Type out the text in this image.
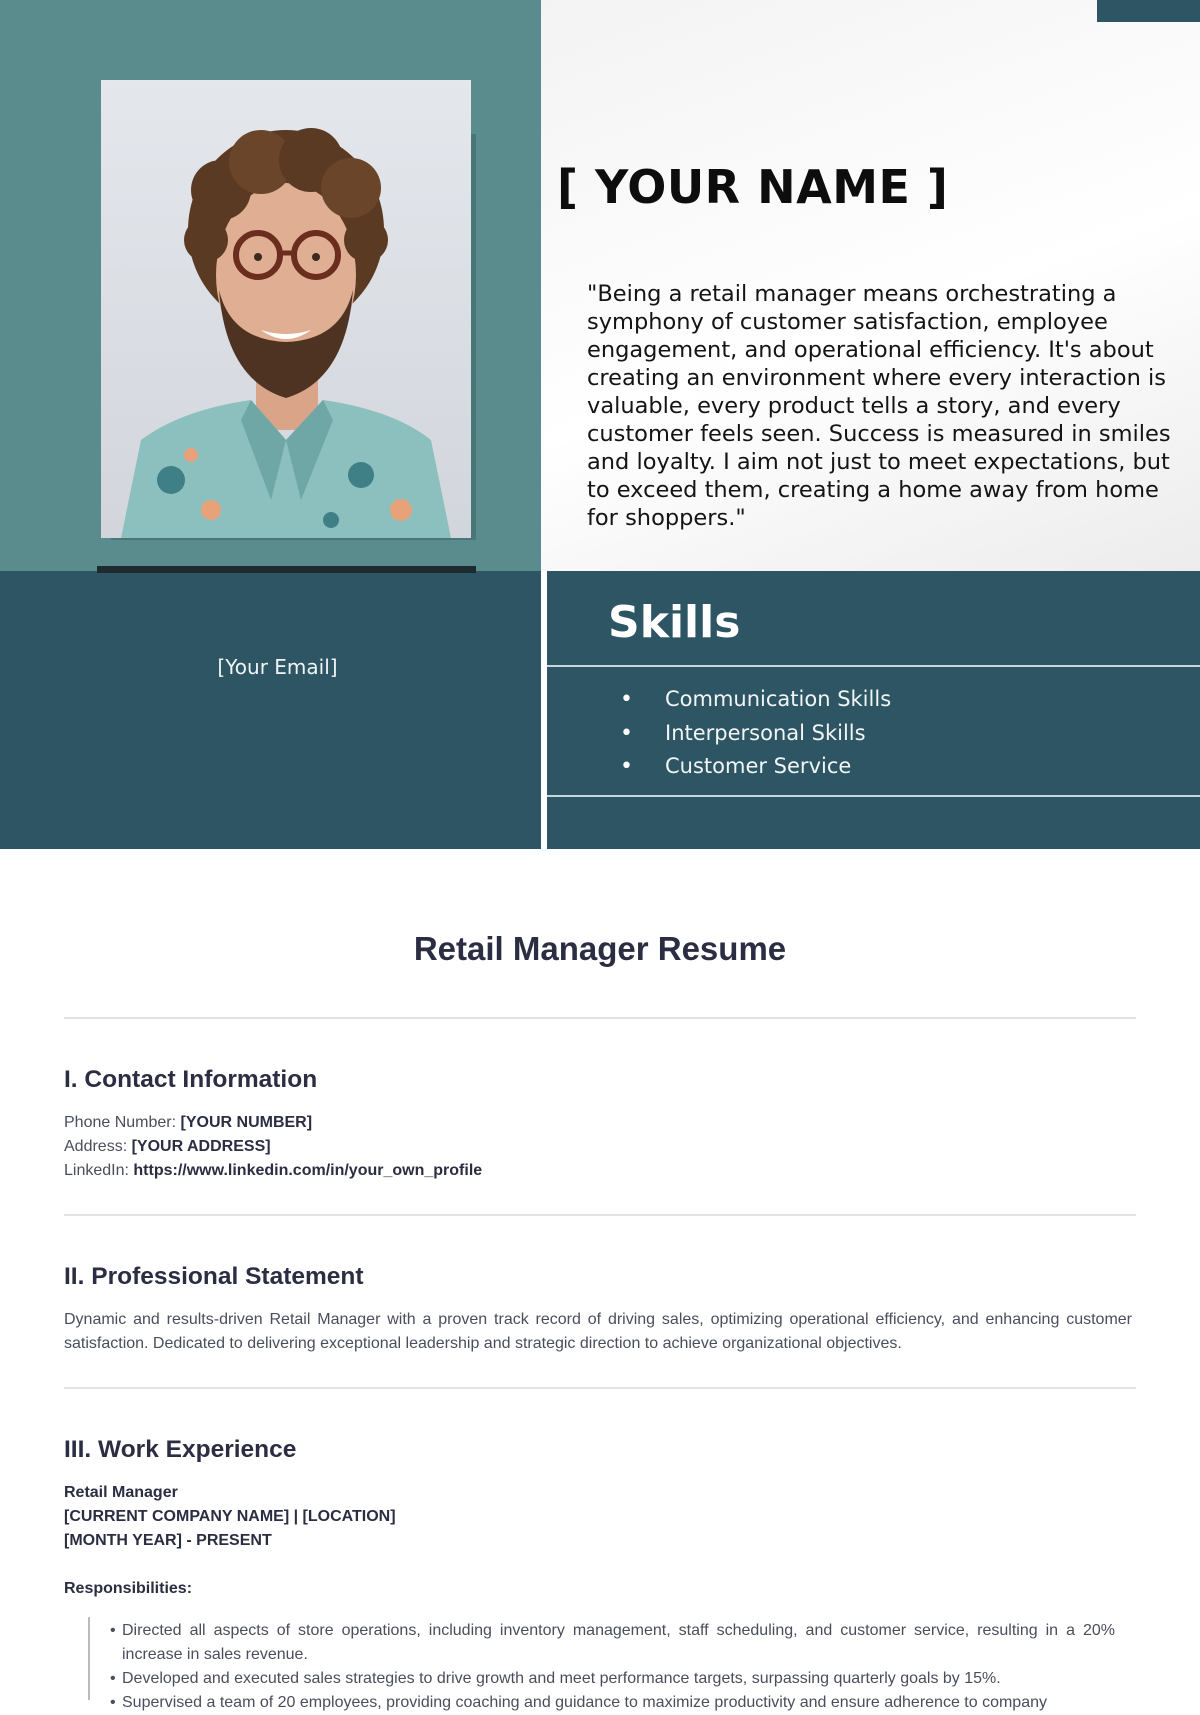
[ YOUR NAME ]
"Being a retail manager means orchestrating a symphony of customer satisfaction, employee engagement, and operational efficiency. It's about creating an environment where every interaction is valuable, every product tells a story, and every customer feels seen. Success is measured in smiles and loyalty. I aim not just to meet expectations, but to exceed them, creating a home away from home for shoppers."
[Your Email]
Skills
• Communication Skills
• Interpersonal Skills
• Customer Service
Retail Manager Resume
I. Contact Information
Phone Number: [YOUR NUMBER]
Address: [YOUR ADDRESS]
LinkedIn: https://www.linkedin.com/in/your_own_profile
II. Professional Statement
Dynamic and results-driven Retail Manager with a proven track record of driving sales, optimizing operational efficiency, and enhancing customer satisfaction. Dedicated to delivering exceptional leadership and strategic direction to achieve organizational objectives.
III. Work Experience
Retail Manager
[CURRENT COMPANY NAME] | [LOCATION]
[MONTH YEAR] - PRESENT
Responsibilities:
• Directed all aspects of store operations, including inventory management, staff scheduling, and customer service, resulting in a 20% increase in sales revenue.
• Developed and executed sales strategies to drive growth and meet performance targets, surpassing quarterly goals by 15%.
• Supervised a team of 20 employees, providing coaching and guidance to maximize productivity and ensure adherence to company
